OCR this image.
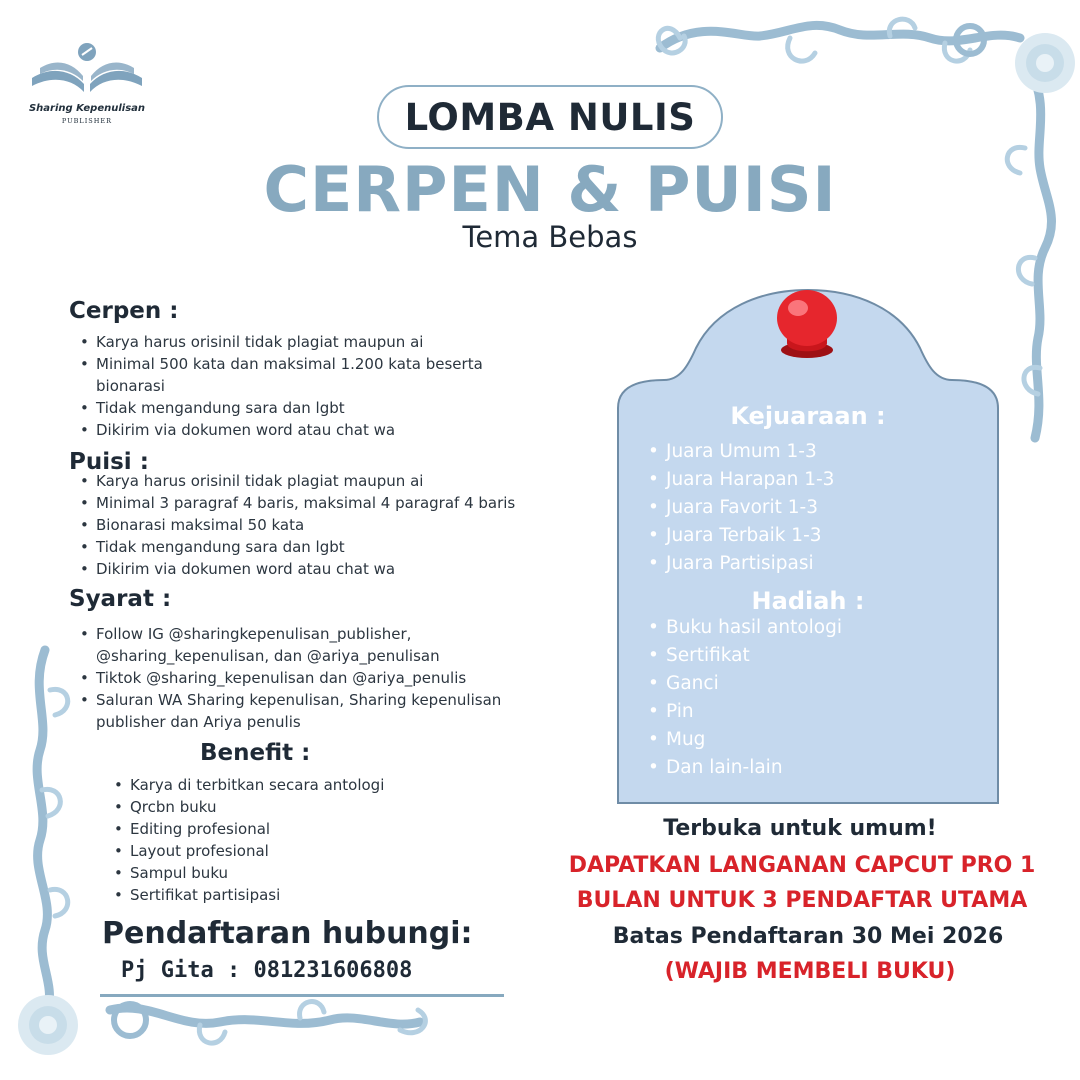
Sharing Kepenulisan
PUBLISHER	LOMBA NULIS
CERPEN & PUISI
Tema Bebas
Cerpen :
• Karya harus orisinil tidak plagiat maupun ai
• Minimal 500 kata dan maksimal 1.200 kata beserta bionarasi
• Tidak mengandung sara dan lgbt
• Dikirim via dokumen word atau chat wa
Puisi :
• Karya harus orisinil tidak plagiat maupun ai
• Minimal 3 paragraf 4 baris, maksimal 4 paragraf 4 baris
• Bionarasi maksimal 50 kata
• Tidak mengandung sara dan lgbt
• Dikirim via dokumen word atau chat wa
Syarat :
• Follow IG @sharingkepenulisan_publisher, @sharing_kepenulisan, dan @ariya_penulisan
• Tiktok @sharing_kepenulisan dan @ariya_penulis
• Saluran WA Sharing kepenulisan, Sharing kepenulisan publisher dan Ariya penulis
Benefit :
• Karya di terbitkan secara antologi
• Qrcbn buku
• Editing profesional
• Layout profesional
• Sampul buku
• Sertifikat partisipasi
Pendaftaran hubungi:
Pj Gita : 081231606808
Kejuaraan :
• Juara Umum 1-3
• Juara Harapan 1-3
• Juara Favorit 1-3
• Juara Terbaik 1-3
• Juara Partisipasi
Hadiah :
• Buku hasil antologi
• Sertifikat
• Ganci
• Pin
• Mug
• Dan lain-lain
Terbuka untuk umum!
DAPATKAN LANGANAN CAPCUT PRO 1
BULAN UNTUK 3 PENDAFTAR UTAMA
Batas Pendaftaran 30 Mei 2026
(WAJIB MEMBELI BUKU)
